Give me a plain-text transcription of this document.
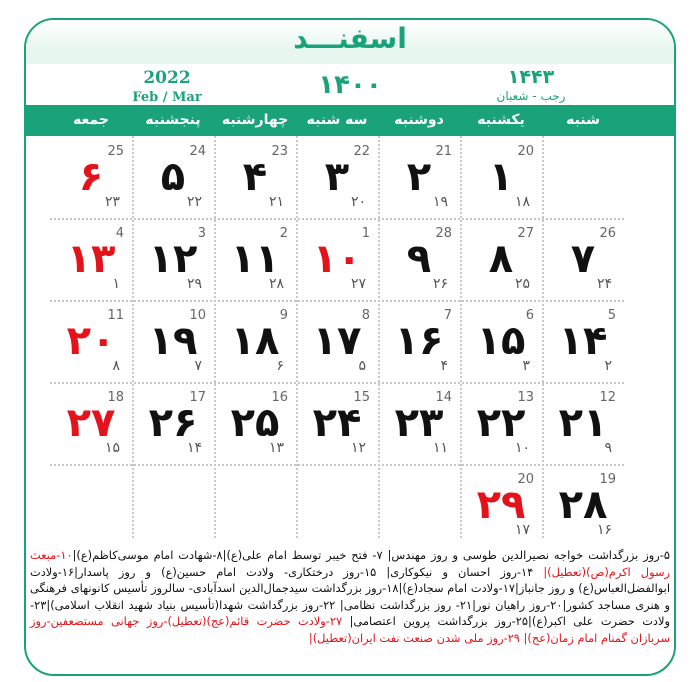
اسفنـــد
2022
Feb / Mar	۱۴۰۰	۱۴۴۳
رجب - شعبان
شنبه
یکشنبه
دوشنبه
سه شنبه
چهارشنبه
پنجشنبه
جمعه
20
۱
۱۸
21
۲
۱۹
22
۳
۲۰
23
۴
۲۱
24
۵
۲۲
25
۶
۲۳
26
۷
۲۴
27
۸
۲۵
28
۹
۲۶
1
۱۰
۲۷
2
۱۱
۲۸
3
۱۲
۲۹
4
۱۳
۱
5
۱۴
۲
6
۱۵
۳
7
۱۶
۴
8
۱۷
۵
9
۱۸
۶
10
۱۹
۷
11
۲۰
۸
12
۲۱
۹
13
۲۲
۱۰
14
۲۳
۱۱
15
۲۴
۱۲
16
۲۵
۱۳
17
۲۶
۱۴
18
۲۷
۱۵
19
۲۸
۱۶
20
۲۹
۱۷
۵-روز بزرگداشت خواجه نصیرالدین طوسی و روز مهندس| ۷- فتح خیبر توسط امام علی(ع)|۸-شهادت امام موسی‌کاظم(ع)|۱۰-مبعث رسول اکرم(ص)(تعطیل)| ۱۴-روز احسان و نیکوکاری| ۱۵-روز درختکاری- ولادت امام حسین(ع) و روز پاسدار|۱۶-ولادت ابوالفضل‌العباس(ع) و روز جانباز|۱۷-ولادت امام سجاد(ع)|۱۸-روز بزرگداشت سیدجمال‌الدین اسدآبادی- سالروز تأسیس کانونهای فرهنگی و هنری مساجد کشور|۲۰-روز راهیان نور|۲۱- روز بزرگداشت نظامی| ۲۲-روز بزرگداشت شهدا(تأسیس بنیاد شهید انقلاب اسلامی)|۲۳-ولادت حضرت علی اکبر(ع)|۲۵-روز بزرگداشت پروین اعتصامی| ۲۷-ولادت حضرت قائم(عج)(تعطیل)-روز جهانی مستضعفین-روز سربازان گمنام امام زمان(عج)| ۲۹-روز ملی شدن صنعت نفت ایران(تعطیل)|
